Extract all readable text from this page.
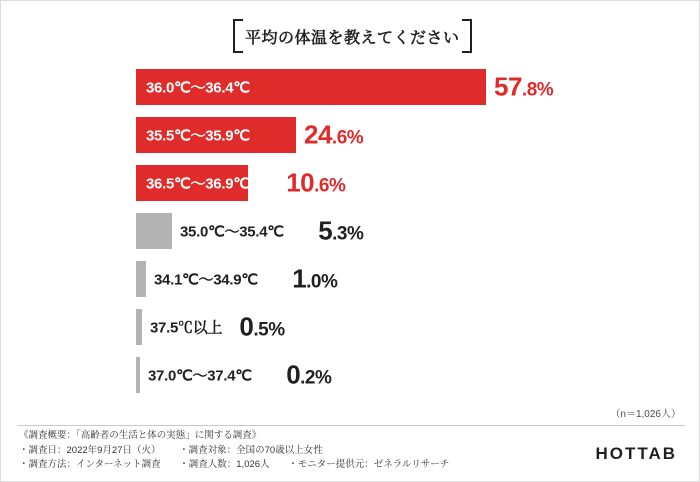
平均の体温を教えてください
36.0℃〜36.4℃	57.8%
35.5℃〜35.9℃ 24.6%
36.5℃〜36.9℃ 10.6%
35.0℃〜35.4℃ 5.3%
34.1℃〜34.9℃ 1.0%
37.5℃以上 0.5%
37.0℃〜37.4℃ 0.2%
（n＝1,026人）
《調査概要：「高齢者の生活と体の実態」に関する調査》
・調査日：2022年9月27日（火） ・調査対象：全国の70歳以上女性
・調査方法：インターネット調査 ・調査人数：1,026人 ・モニター提供元：ゼネラルリサーチ
HOTTAB
